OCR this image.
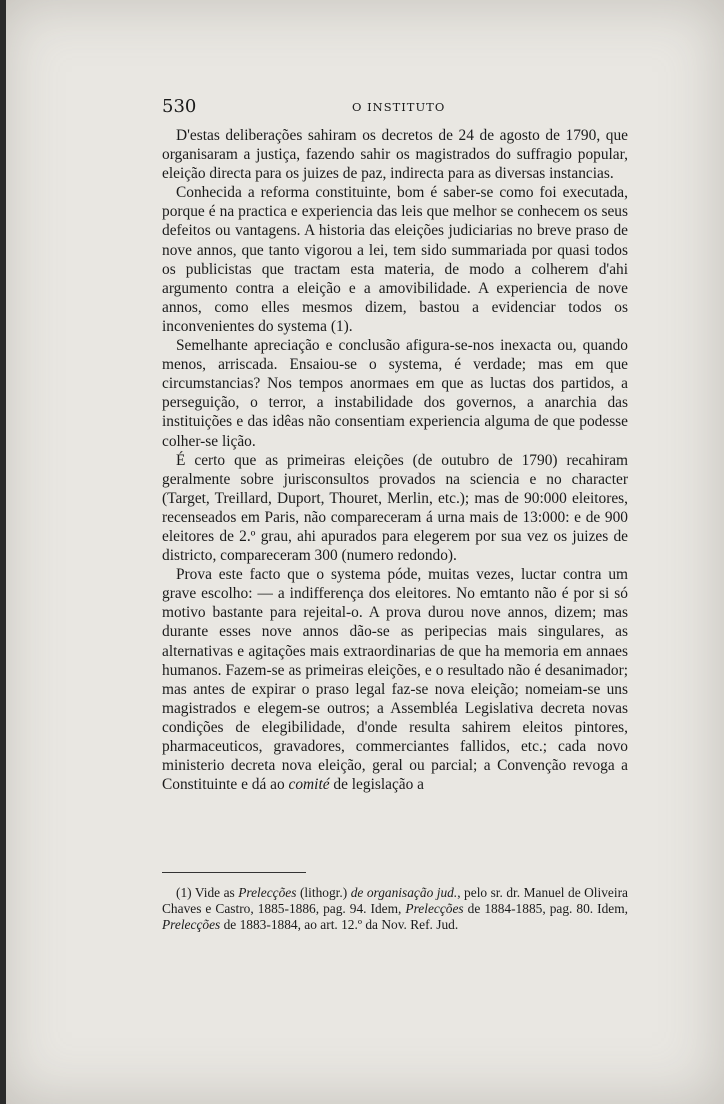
530	O INSTITUTO

D'estas deliberações sahiram os decretos de 24 de agosto de 1790, que organisaram a justiça, fazendo sahir os magistrados do suffragio popular, eleição directa para os juizes de paz, indirecta para as diversas instancias.

Conhecida a reforma constituinte, bom é saber-se como foi executada, porque é na practica e experiencia das leis que melhor se conhecem os seus defeitos ou vantagens. A historia das eleições judiciarias no breve praso de nove annos, que tanto vigorou a lei, tem sido summariada por quasi todos os publicistas que tractam esta materia, de modo a colherem d'ahi argumento contra a eleição e a amovibilidade. A experiencia de nove annos, como elles mesmos dizem, bastou a evidenciar todos os inconvenientes do systema (1).

Semelhante apreciação e conclusão afigura-se-nos inexacta ou, quando menos, arriscada. Ensaiou-se o systema, é verdade; mas em que circumstancias? Nos tempos anormaes em que as luctas dos partidos, a perseguição, o terror, a instabilidade dos governos, a anarchia das instituições e das idêas não consentiam experiencia alguma de que podesse colher-se lição.

É certo que as primeiras eleições (de outubro de 1790) recahiram geralmente sobre jurisconsultos provados na sciencia e no character (Target, Treillard, Duport, Thouret, Merlin, etc.); mas de 90:000 eleitores, recenseados em Paris, não compareceram á urna mais de 13:000: e de 900 eleitores de 2.º grau, ahi apurados para elegerem por sua vez os juizes de districto, compareceram 300 (numero redondo).

Prova este facto que o systema póde, muitas vezes, luctar contra um grave escolho: — a indifferença dos eleitores. No emtanto não é por si só motivo bastante para rejeital-o. A prova durou nove annos, dizem; mas durante esses nove annos dão-se as peripecias mais singulares, as alternativas e agitações mais extraordinarias de que ha memoria em annaes humanos. Fazem-se as primeiras eleições, e o resultado não é desanimador; mas antes de expirar o praso legal faz-se nova eleição; nomeiam-se uns magistrados e elegem-se outros; a Assembléa Legislativa decreta novas condições de elegibilidade, d'onde resulta sahirem eleitos pintores, pharmaceuticos, gravadores, commerciantes fallidos, etc.; cada novo ministerio decreta nova eleição, geral ou parcial; a Convenção revoga a Constituinte e dá ao comité de legislação a

(1) Vide as Prelecções (lithogr.) de organisação jud., pelo sr. dr. Manuel de Oliveira Chaves e Castro, 1885-1886, pag. 94. Idem, Prelecções de 1884-1885, pag. 80. Idem, Prelecções de 1883-1884, ao art. 12.º da Nov. Ref. Jud.
